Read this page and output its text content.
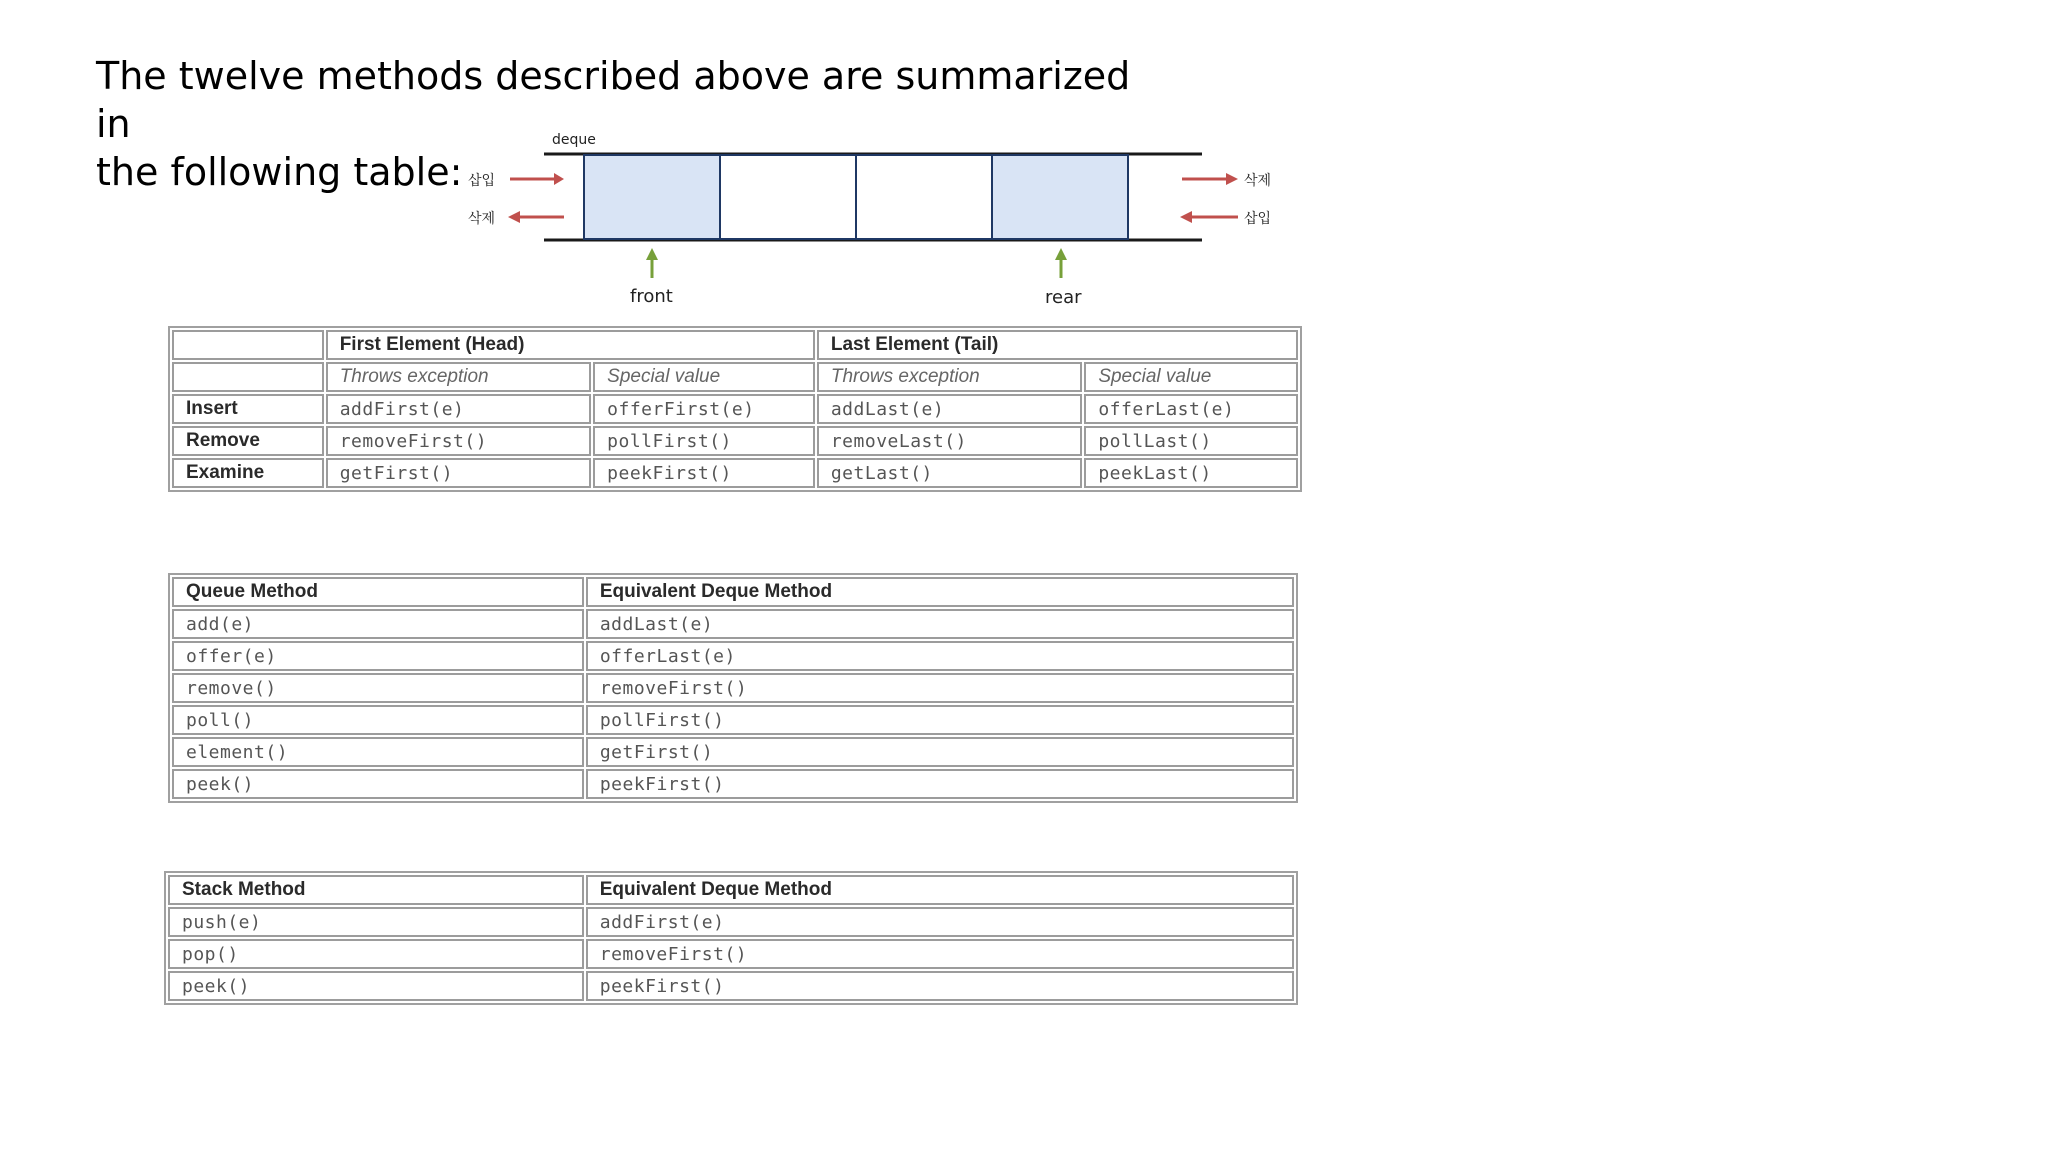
The twelve methods described above are summarized in
the following table:
deque
삽입
삭제
삭제
삽입
front	rear
	First Element (Head)		Last Element (Tail)	
	Throws exception	Special value	Throws exception	Special value
Insert	addFirst(e)	offerFirst(e)	addLast(e)	offerLast(e)
Remove	removeFirst()	pollFirst()	removeLast()	pollLast()
Examine	getFirst()	peekFirst()	getLast()	peekLast()
Queue Method	Equivalent Deque Method
add(e)	addLast(e)
offer(e)	offerLast(e)
remove()	removeFirst()
poll()	pollFirst()
element()	getFirst()
peek()	peekFirst()
Stack Method	Equivalent Deque Method
push(e)	addFirst(e)
pop()	removeFirst()
peek()	peekFirst()
